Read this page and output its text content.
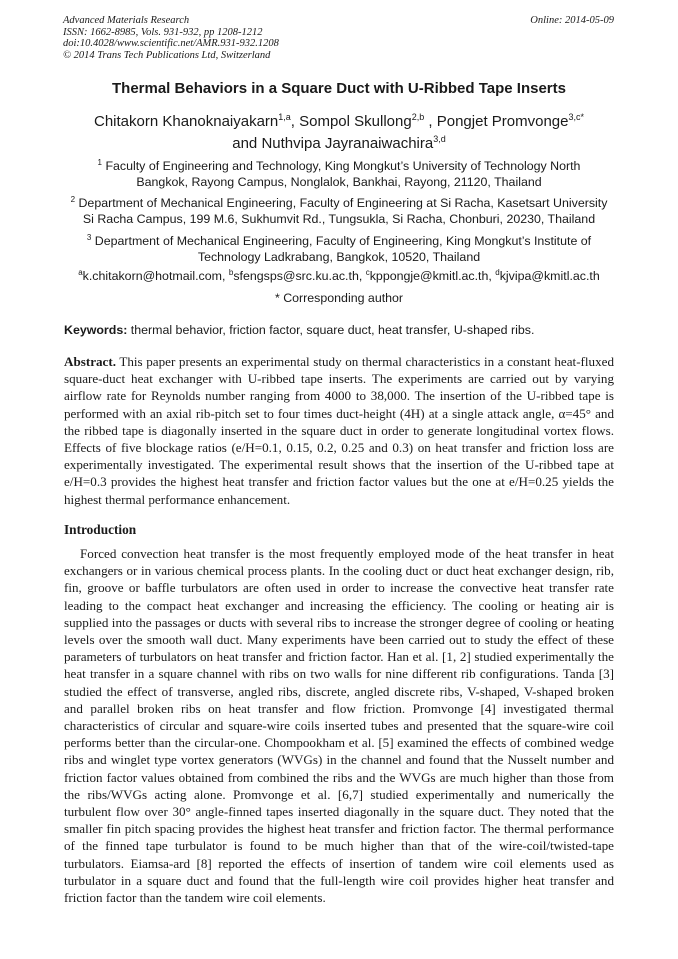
Advanced Materials Research
ISSN: 1662-8985, Vols. 931-932, pp 1208-1212
doi:10.4028/www.scientific.net/AMR.931-932.1208
© 2014 Trans Tech Publications Ltd, Switzerland
Online: 2014-05-09
Thermal Behaviors in a Square Duct with U-Ribbed Tape Inserts
Chitakorn Khanoknaiyakarn$^{1,a}$, Sompol Skullong$^{2,b}$ , Pongjet Promvonge$^{3,c*}$
and Nuthvipa Jayranaiwachira$^{3,d}$
$^1$ Faculty of Engineering and Technology, King Mongkut’s University of Technology North
Bangkok, Rayong Campus, Nonglalok, Bankhai, Rayong, 21120, Thailand
$^2$ Department of Mechanical Engineering, Faculty of Engineering at Si Racha, Kasetsart University
Si Racha Campus, 199 M.6, Sukhumvit Rd., Tungsukla, Si Racha, Chonburi, 20230, Thailand
$^3$ Department of Mechanical Engineering, Faculty of Engineering, King Mongkut’s Institute of
Technology Ladkrabang, Bangkok, 10520, Thailand
$^a$k.chitakorn@hotmail.com, $^b$sfengsps@src.ku.ac.th, $^c$kppongje@kmitl.ac.th, $^d$kjvipa@kmitl.ac.th
* Corresponding author
Keywords: thermal behavior, friction factor, square duct, heat transfer, U-shaped ribs.
Abstract. This paper presents an experimental study on thermal characteristics in a constant heat-fluxed square-duct heat exchanger with U-ribbed tape inserts. The experiments are carried out by varying airflow rate for Reynolds number ranging from 4000 to 38,000. The insertion of the U-ribbed tape is performed with an axial rib-pitch set to four times duct-height (4H) at a single attack angle, α=45° and the ribbed tape is diagonally inserted in the square duct in order to generate longitudinal vortex flows. Effects of five blockage ratios (e/H=0.1, 0.15, 0.2, 0.25 and 0.3) on heat transfer and friction loss are experimentally investigated. The experimental result shows that the insertion of the U-ribbed tape at e/H=0.3 provides the highest heat transfer and friction factor values but the one at e/H=0.25 yields the highest thermal performance enhancement.
Introduction
Forced convection heat transfer is the most frequently employed mode of the heat transfer in heat exchangers or in various chemical process plants. In the cooling duct or duct heat exchanger design, rib, fin, groove or baffle turbulators are often used in order to increase the convective heat transfer rate leading to the compact heat exchanger and increasing the efficiency. The cooling or heating air is supplied into the passages or ducts with several ribs to increase the stronger degree of cooling or heating levels over the smooth wall duct. Many experiments have been carried out to study the effect of these parameters of turbulators on heat transfer and friction factor. Han et al. [1, 2] studied experimentally the heat transfer in a square channel with ribs on two walls for nine different rib configurations. Tanda [3] studied the effect of transverse, angled ribs, discrete, angled discrete ribs, V-shaped, V-shaped broken and parallel broken ribs on heat transfer and flow friction. Promvonge [4] investigated thermal characteristics of circular and square-wire coils inserted tubes and presented that the square-wire coil performs better than the circular-one. Chompookham et al. [5] examined the effects of combined wedge ribs and winglet type vortex generators (WVGs) in the channel and found that the Nusselt number and friction factor values obtained from combined the ribs and the WVGs are much higher than those from the ribs/WVGs acting alone. Promvonge et al. [6,7] studied experimentally and numerically the turbulent flow over 30° angle-finned tapes inserted diagonally in the square duct. They noted that the smaller fin pitch spacing provides the highest heat transfer and friction factor. The thermal performance of the finned tape turbulator is found to be much higher than that of the wire-coil/twisted-tape turbulators. Eiamsa-ard [8] reported the effects of insertion of tandem wire coil elements used as turbulator in a square duct and found that the full-length wire coil provides higher heat transfer and friction factor than the tandem wire coil elements.
